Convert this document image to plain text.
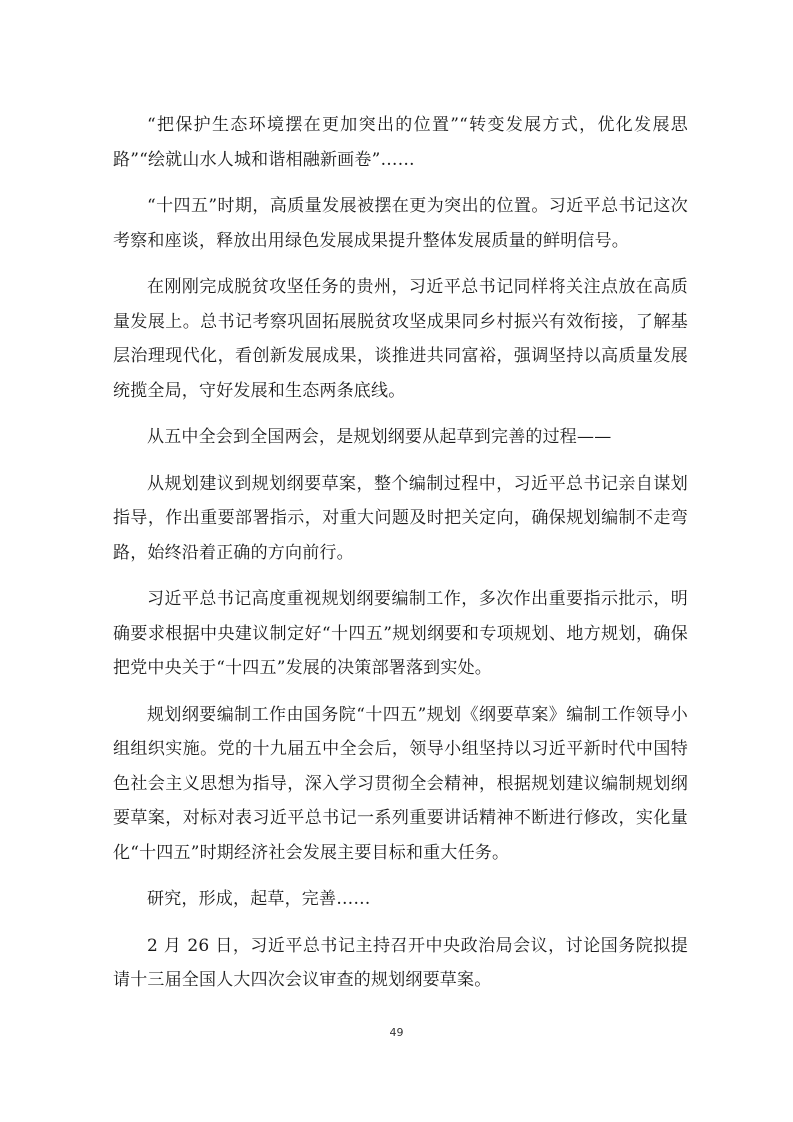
“把保护生态环境摆在更加突出的位置”“转变发展方式，优化发展思路”“绘就山水人城和谐相融新画卷”……

“十四五”时期，高质量发展被摆在更为突出的位置。习近平总书记这次考察和座谈，释放出用绿色发展成果提升整体发展质量的鲜明信号。

在刚刚完成脱贫攻坚任务的贵州，习近平总书记同样将关注点放在高质量发展上。总书记考察巩固拓展脱贫攻坚成果同乡村振兴有效衔接，了解基层治理现代化，看创新发展成果，谈推进共同富裕，强调坚持以高质量发展统揽全局，守好发展和生态两条底线。

从五中全会到全国两会，是规划纲要从起草到完善的过程——

从规划建议到规划纲要草案，整个编制过程中，习近平总书记亲自谋划指导，作出重要部署指示，对重大问题及时把关定向，确保规划编制不走弯路，始终沿着正确的方向前行。

习近平总书记高度重视规划纲要编制工作，多次作出重要指示批示，明确要求根据中央建议制定好“十四五”规划纲要和专项规划、地方规划，确保把党中央关于“十四五”发展的决策部署落到实处。

规划纲要编制工作由国务院“十四五”规划《纲要草案》编制工作领导小组组织实施。党的十九届五中全会后，领导小组坚持以习近平新时代中国特色社会主义思想为指导，深入学习贯彻全会精神，根据规划建议编制规划纲要草案，对标对表习近平总书记一系列重要讲话精神不断进行修改，实化量化“十四五”时期经济社会发展主要目标和重大任务。

研究，形成，起草，完善……

2 月 26 日，习近平总书记主持召开中央政治局会议，讨论国务院拟提请十三届全国人大四次会议审查的规划纲要草案。

49
